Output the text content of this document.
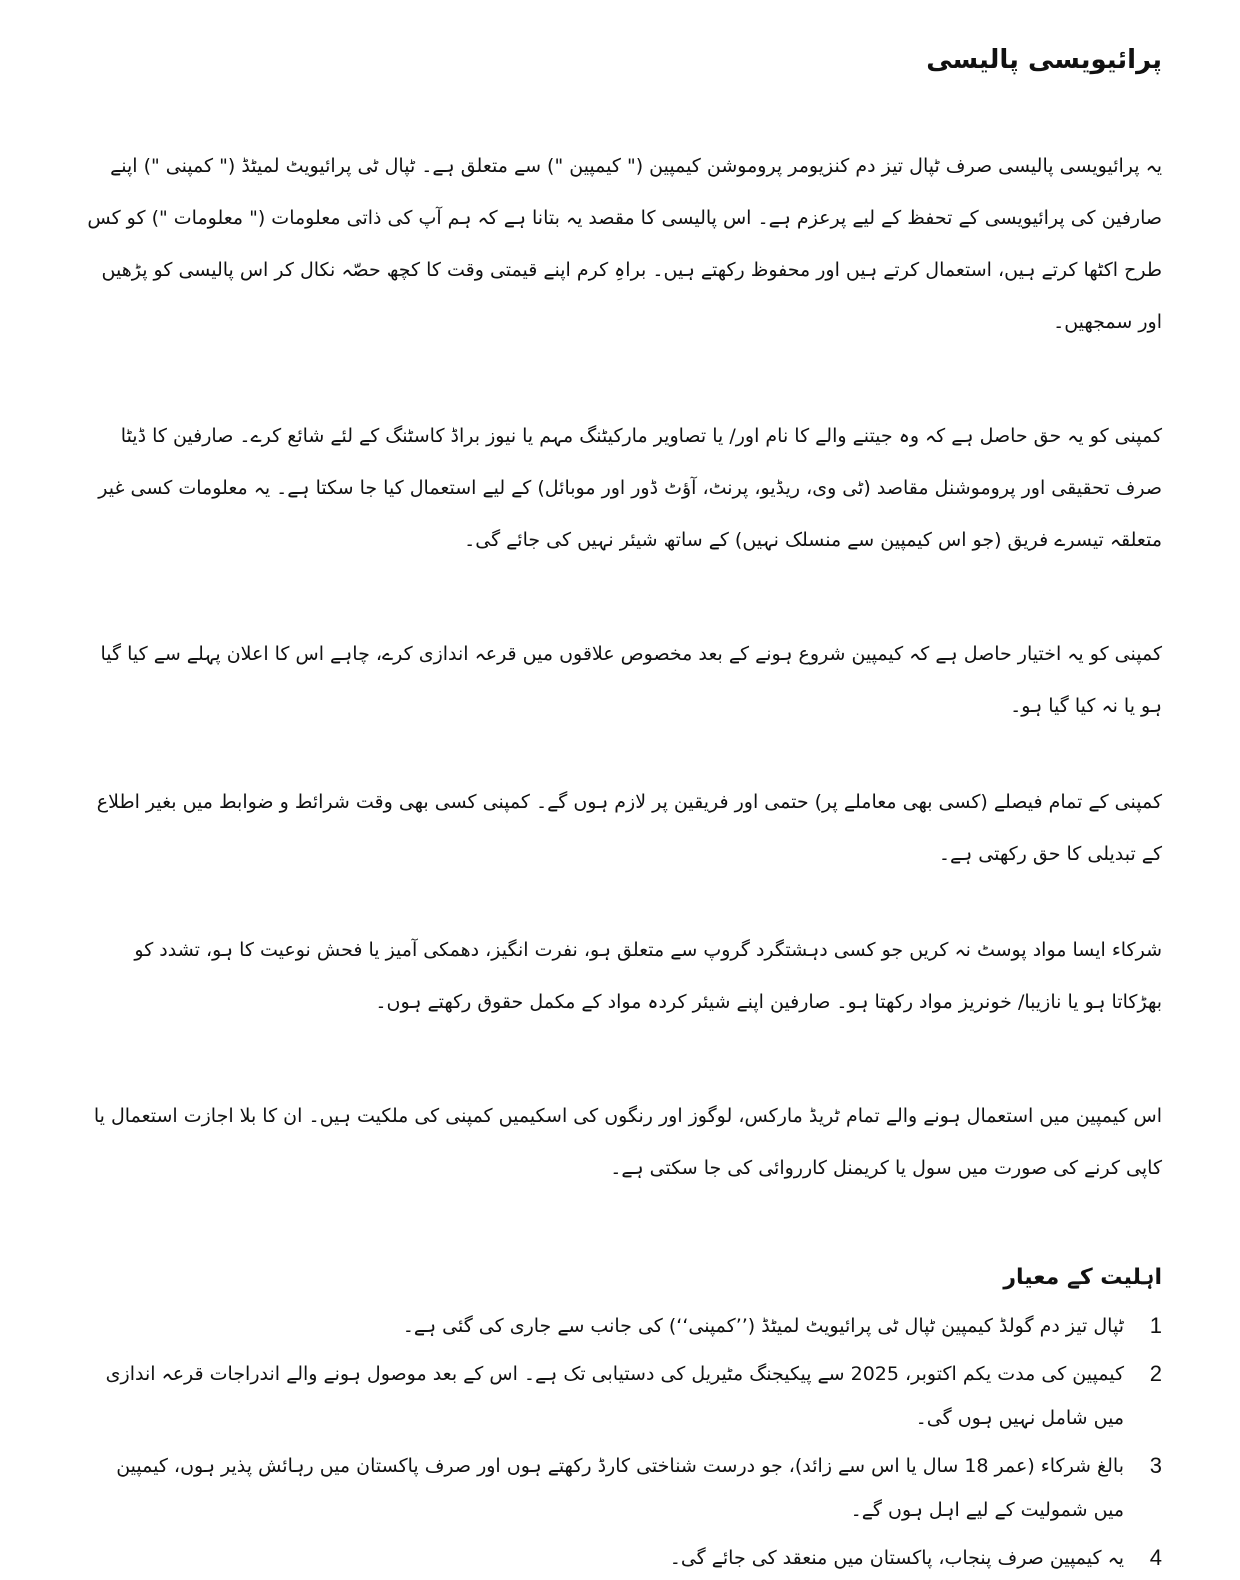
پرائیویسی پالیسی

یہ پرائیویسی پالیسی صرف ٹپال تیز دم کنزیومر پروموشن کیمپین (" کیمپین ") سے متعلق ہے۔ ٹپال ٹی پرائیویٹ لمیٹڈ (" کمپنی ") اپنے صارفین کی پرائیویسی کے تحفظ کے لیے پرعزم ہے۔ اس پالیسی کا مقصد یہ بتانا ہے کہ ہم آپ کی ذاتی معلومات (" معلومات ") کو کس طرح اکٹھا کرتے ہیں، استعمال کرتے ہیں اور محفوظ رکھتے ہیں۔ براہِ کرم اپنے قیمتی وقت کا کچھ حصّہ نکال کر اس پالیسی کو پڑھیں اور سمجھیں۔

کمپنی کو یہ حق حاصل ہے کہ وہ جیتنے والے کا نام اور/ یا تصاویر مارکیٹنگ مہم یا نیوز براڈ کاسٹنگ کے لئے شائع کرے۔ صارفین کا ڈیٹا صرف تحقیقی اور پروموشنل مقاصد (ٹی وی، ریڈیو، پرنٹ، آؤٹ ڈور اور موبائل) کے لیے استعمال کیا جا سکتا ہے۔ یہ معلومات کسی غیر متعلقہ تیسرے فریق (جو اس کیمپین سے منسلک نہیں) کے ساتھ شیئر نہیں کی جائے گی۔

کمپنی کو یہ اختیار حاصل ہے کہ کیمپین شروع ہونے کے بعد مخصوص علاقوں میں قرعہ اندازی کرے، چاہے اس کا اعلان پہلے سے کیا گیا ہو یا نہ کیا گیا ہو۔

کمپنی کے تمام فیصلے (کسی بھی معاملے پر) حتمی اور فریقین پر لازم ہوں گے۔ کمپنی کسی بھی وقت شرائط و ضوابط میں بغیر اطلاع کے تبدیلی کا حق رکھتی ہے۔

شرکاء ایسا مواد پوسٹ نہ کریں جو کسی دہشتگرد گروپ سے متعلق ہو، نفرت انگیز، دھمکی آمیز یا فحش نوعیت کا ہو، تشدد کو بھڑکاتا ہو یا نازیبا/ خونریز مواد رکھتا ہو۔ صارفین اپنے شیئر کردہ مواد کے مکمل حقوق رکھتے ہوں۔

اس کیمپین میں استعمال ہونے والے تمام ٹریڈ مارکس، لوگوز اور رنگوں کی اسکیمیں کمپنی کی ملکیت ہیں۔ ان کا بلا اجازت استعمال یا کاپی کرنے کی صورت میں سول یا کریمنل کارروائی کی جا سکتی ہے۔

اہلیت کے معیار
1
ٹپال تیز دم گولڈ کیمپین ٹپال ٹی پرائیویٹ لمیٹڈ (’’کمپنی‘‘) کی جانب سے جاری کی گئی ہے۔
2
کیمپین کی مدت یکم اکتوبر، 2025 سے پیکیجنگ مٹیریل کی دستیابی تک ہے۔ اس کے بعد موصول ہونے والے اندراجات قرعہ اندازی میں شامل نہیں ہوں گی۔
3
بالغ شرکاء (عمر 18 سال یا اس سے زائد)، جو درست شناختی کارڈ رکھتے ہوں اور صرف پاکستان میں رہائش پذیر ہوں، کیمپین میں شمولیت کے لیے اہل ہوں گے۔
4
یہ کیمپین صرف پنجاب، پاکستان میں منعقد کی جائے گی۔
